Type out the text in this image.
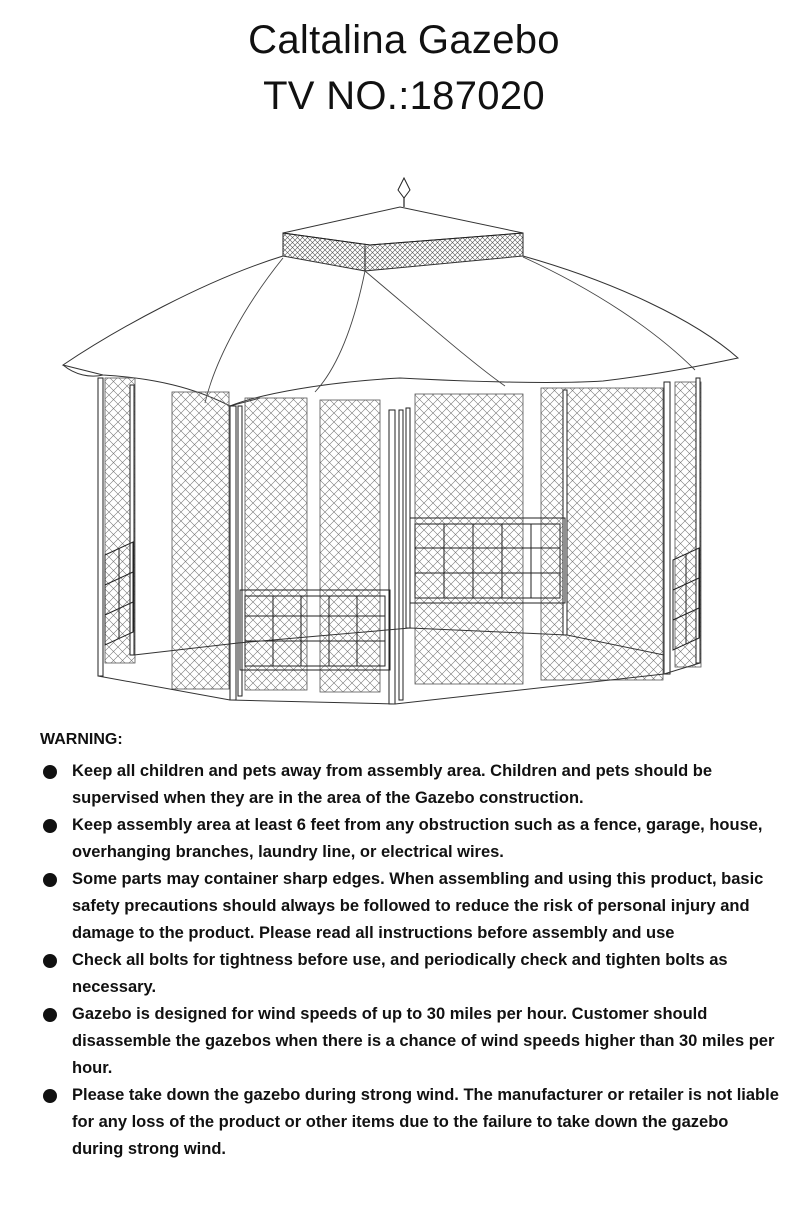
Caltalina Gazebo
TV NO.:187020

WARNING:

Keep all children and pets away from assembly area. Children and pets should be supervised when they are in the area of the Gazebo construction.
Keep assembly area at least 6 feet from any obstruction such as a fence, garage, house, overhanging branches, laundry line, or electrical wires.
Some parts may container sharp edges. When assembling and using this product, basic safety precautions should always be followed to reduce the risk of personal injury and damage to the product. Please read all instructions before assembly and use
Check all bolts for tightness before use, and periodically check and tighten bolts as necessary.
Gazebo is designed for wind speeds of up to 30 miles per hour. Customer should disassemble the gazebos when there is a chance of wind speeds higher than 30 miles per hour.
Please take down the gazebo during strong wind. The manufacturer or retailer is not liable for any loss of the product or other items due to the failure to take down the gazebo during strong wind.
